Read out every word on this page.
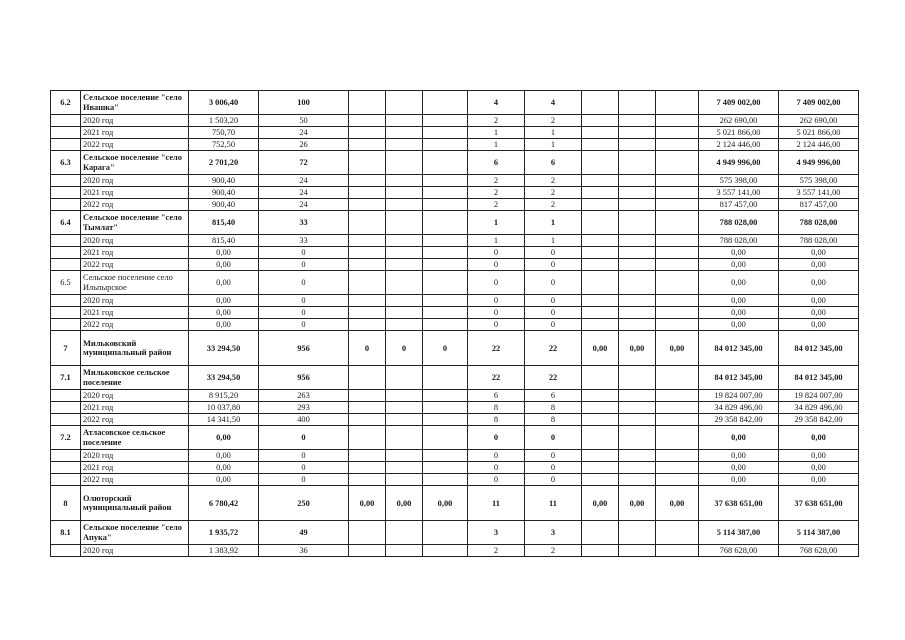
6.2	Сельское поселение "село Ивашка"	3 006,40	100				4	4				7 409 002,00	7 409 002,00
	2020 год	1 503,20	50				2	2				262 690,00	262 690,00
	2021 год	750,70	24				1	1				5 021 866,00	5 021 866,00
	2022 год	752,50	26				1	1				2 124 446,00	2 124 446,00
6.3	Сельское поселение "село Карага"	2 701,20	72				6	6				4 949 996,00	4 949 996,00
	2020 год	900,40	24				2	2				575 398,00	575 398,00
	2021 год	900,40	24				2	2				3 557 141,00	3 557 141,00
	2022 год	900,40	24				2	2				817 457,00	817 457,00
6.4	Сельское поселение "село Тымлат"	815,40	33				1	1				788 028,00	788 028,00
	2020 год	815,40	33				1	1				788 028,00	788 028,00
	2021 год	0,00	0				0	0				0,00	0,00
	2022 год	0,00	0				0	0				0,00	0,00
6.5	Сельское поселение село Ильпырское	0,00	0				0	0				0,00	0,00
	2020 год	0,00	0				0	0				0,00	0,00
	2021 год	0,00	0				0	0				0,00	0,00
	2022 год	0,00	0				0	0				0,00	0,00
7	Мильковский муниципальный район	33 294,50	956	0	0	0	22	22	0,00	0,00	0,00	84 012 345,00	84 012 345,00
7.1	Мильковское сельское поселение	33 294,50	956				22	22				84 012 345,00	84 012 345,00
	2020 год	8 915,20	263				6	6				19 824 007,00	19 824 007,00
	2021 год	10 037,80	293				8	8				34 829 496,00	34 829 496,00
	2022 год	14 341,50	400				8	8				29 358 842,00	29 358 842,00
7.2	Атласовское сельское поселение	0,00	0				0	0				0,00	0,00
	2020 год	0,00	0				0	0				0,00	0,00
	2021 год	0,00	0				0	0				0,00	0,00
	2022 год	0,00	0				0	0				0,00	0,00
8	Олюторский муниципальный район	6 780,42	250	0,00	0,00	0,00	11	11	0,00	0,00	0,00	37 638 651,00	37 638 651,00
8.1	Сельское поселение "село Апука"	1 935,72	49				3	3				5 114 387,00	5 114 387,00
	2020 год	1 383,92	36				2	2				768 628,00	768 628,00
